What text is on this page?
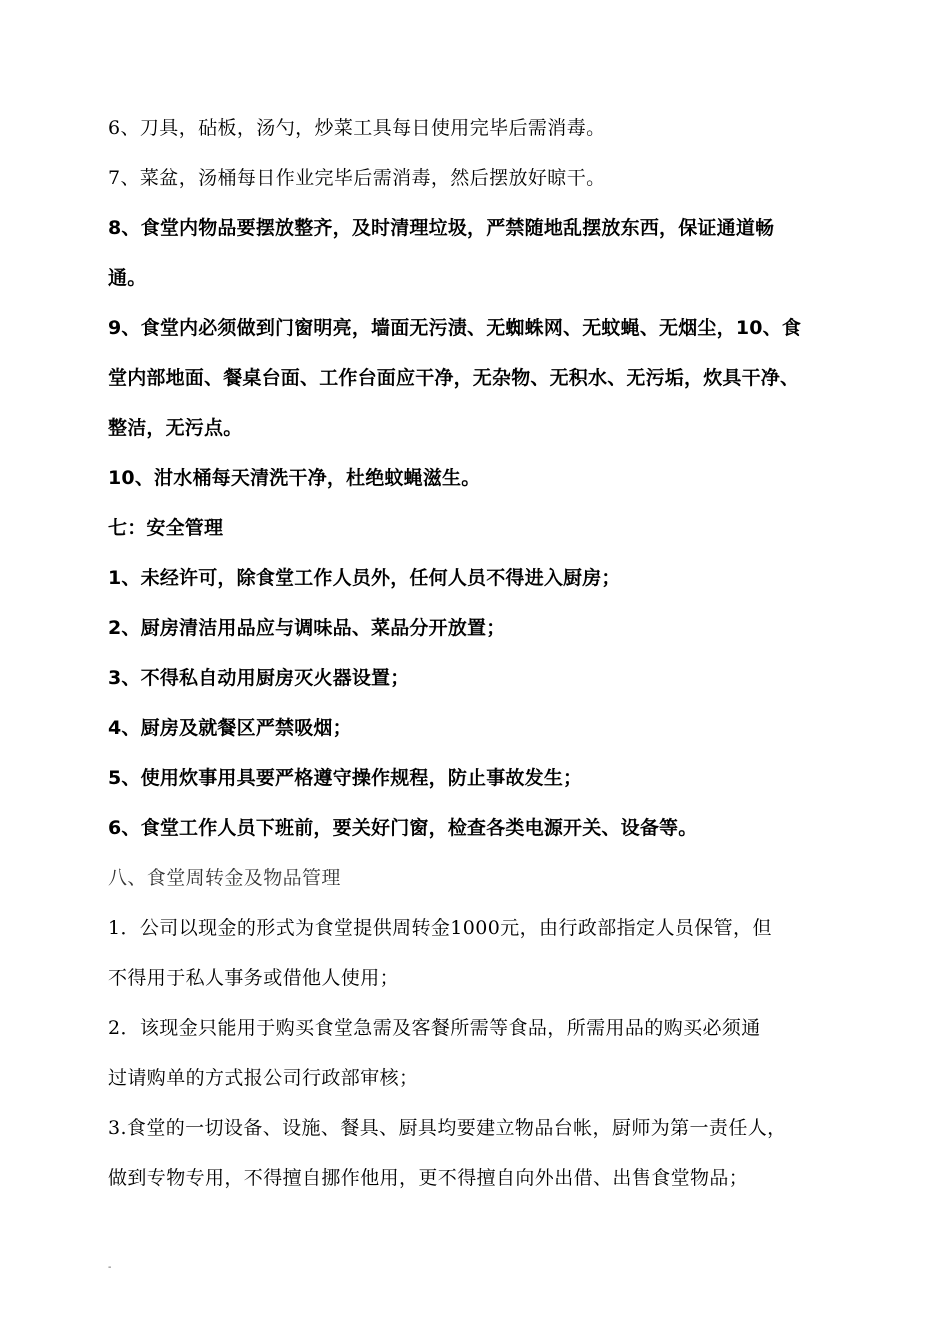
6、刀具，砧板，汤勺，炒菜工具每日使用完毕后需消毒。
7、菜盆，汤桶每日作业完毕后需消毒，然后摆放好晾干。
8、食堂内物品要摆放整齐，及时清理垃圾，严禁随地乱摆放东西，保证通道畅
通。
9、食堂内必须做到门窗明亮，墙面无污渍、无蜘蛛网、无蚊蝇、无烟尘，10、食
堂内部地面、餐桌台面、工作台面应干净，无杂物、无积水、无污垢，炊具干净、
整洁，无污点。
10、泔水桶每天清洗干净，杜绝蚊蝇滋生。
七：安全管理
1、未经许可，除食堂工作人员外，任何人员不得进入厨房；
2、厨房清洁用品应与调味品、菜品分开放置；
3、不得私自动用厨房灭火器设置；
4、厨房及就餐区严禁吸烟；
5、使用炊事用具要严格遵守操作规程，防止事故发生；
6、食堂工作人员下班前，要关好门窗，检查各类电源开关、设备等。
八、食堂周转金及物品管理
1．公司以现金的形式为食堂提供周转金1000元，由行政部指定人员保管，但
不得用于私人事务或借他人使用；
2．该现金只能用于购买食堂急需及客餐所需等食品，所需用品的购买必须通
过请购单的方式报公司行政部审核；
3.食堂的一切设备、设施、餐具、厨具均要建立物品台帐，厨师为第一责任人，
做到专物专用，不得擅自挪作他用，更不得擅自向外出借、出售食堂物品；
-
